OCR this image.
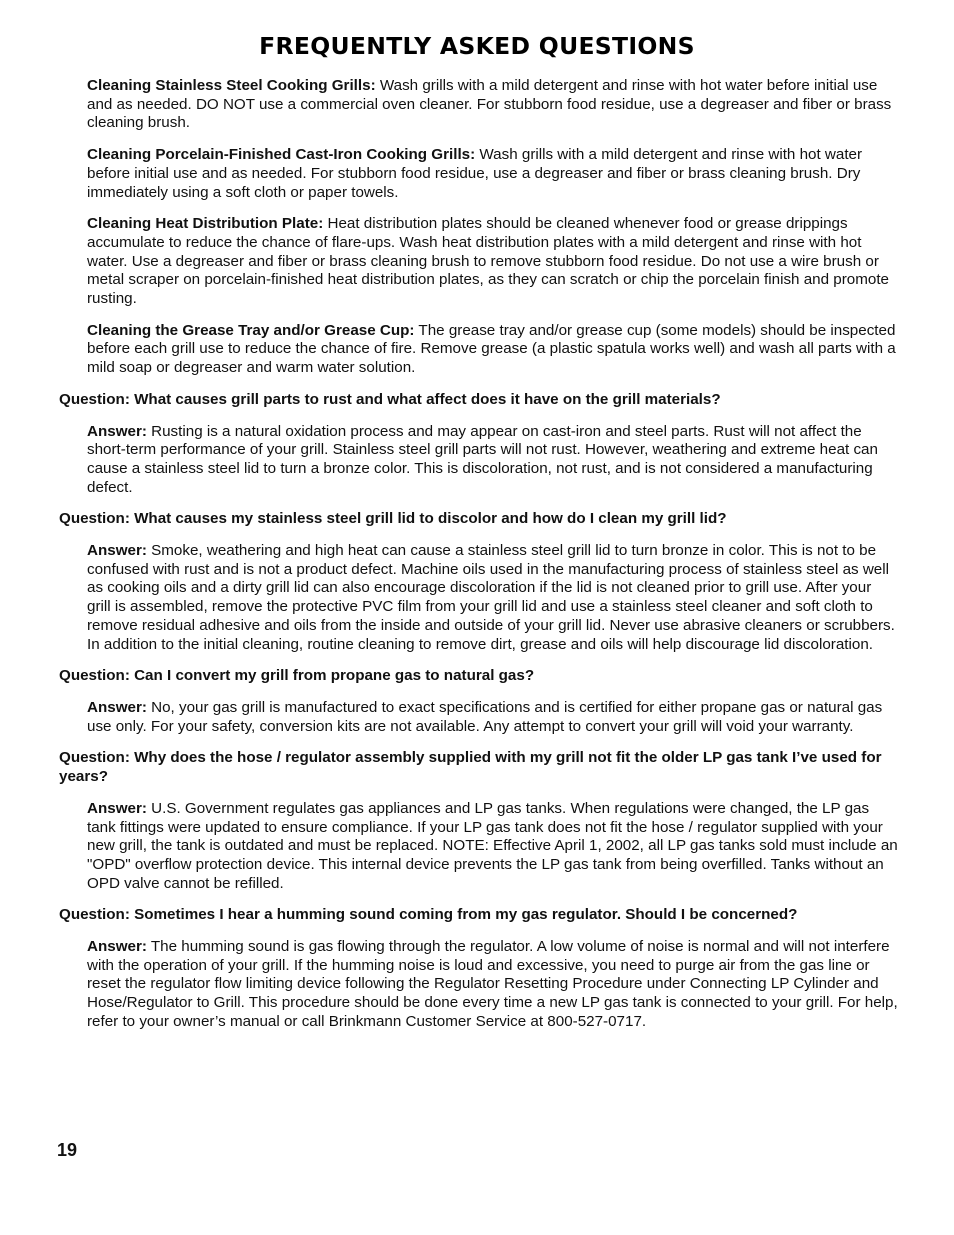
FREQUENTLY ASKED QUESTIONS

Cleaning Stainless Steel Cooking Grills: Wash grills with a mild detergent and rinse with hot water before initial use and as needed. DO NOT use a commercial oven cleaner. For stubborn food residue, use a degreaser and fiber or brass cleaning brush.

Cleaning Porcelain-Finished Cast-Iron Cooking Grills: Wash grills with a mild detergent and rinse with hot water before initial use and as needed. For stubborn food residue, use a degreaser and fiber or brass cleaning brush. Dry immediately using a soft cloth or paper towels.

Cleaning Heat Distribution Plate: Heat distribution plates should be cleaned whenever food or grease drippings accumulate to reduce the chance of flare-ups. Wash heat distribution plates with a mild detergent and rinse with hot water. Use a degreaser and fiber or brass cleaning brush to remove stubborn food residue. Do not use a wire brush or metal scraper on porcelain-finished heat distribution plates, as they can scratch or chip the porcelain finish and promote rusting.

Cleaning the Grease Tray and/or Grease Cup: The grease tray and/or grease cup (some models) should be inspected before each grill use to reduce the chance of fire. Remove grease (a plastic spatula works well) and wash all parts with a mild soap or degreaser and warm water solution.

Question: What causes grill parts to rust and what affect does it have on the grill materials?

Answer: Rusting is a natural oxidation process and may appear on cast-iron and steel parts. Rust will not affect the short-term performance of your grill. Stainless steel grill parts will not rust. However, weathering and extreme heat can cause a stainless steel lid to turn a bronze color. This is discoloration, not rust, and is not considered a manufacturing defect.

Question: What causes my stainless steel grill lid to discolor and how do I clean my grill lid?

Answer: Smoke, weathering and high heat can cause a stainless steel grill lid to turn bronze in color. This is not to be confused with rust and is not a product defect. Machine oils used in the manufacturing process of stainless steel as well as cooking oils and a dirty grill lid can also encourage discoloration if the lid is not cleaned prior to grill use. After your grill is assembled, remove the protective PVC film from your grill lid and use a stainless steel cleaner and soft cloth to remove residual adhesive and oils from the inside and outside of your grill lid. Never use abrasive cleaners or scrubbers. In addition to the initial cleaning, routine cleaning to remove dirt, grease and oils will help discourage lid discoloration.

Question: Can I convert my grill from propane gas to natural gas?

Answer: No, your gas grill is manufactured to exact specifications and is certified for either propane gas or natural gas use only. For your safety, conversion kits are not available. Any attempt to convert your grill will void your warranty.

Question: Why does the hose / regulator assembly supplied with my grill not fit the older LP gas tank I’ve used for years?

Answer: U.S. Government regulates gas appliances and LP gas tanks. When regulations were changed, the LP gas tank fittings were updated to ensure compliance. If your LP gas tank does not fit the hose / regulator supplied with your new grill, the tank is outdated and must be replaced. NOTE: Effective April 1, 2002, all LP gas tanks sold must include an "OPD" overflow protection device. This internal device prevents the LP gas tank from being overfilled. Tanks without an OPD valve cannot be refilled.

Question: Sometimes I hear a humming sound coming from my gas regulator. Should I be concerned?

Answer: The humming sound is gas flowing through the regulator. A low volume of noise is normal and will not interfere with the operation of your grill. If the humming noise is loud and excessive, you need to purge air from the gas line or reset the regulator flow limiting device following the Regulator Resetting Procedure under Connecting LP Cylinder and Hose/Regulator to Grill. This procedure should be done every time a new LP gas tank is connected to your grill. For help, refer to your owner’s manual or call Brinkmann Customer Service at 800-527-0717.

19
